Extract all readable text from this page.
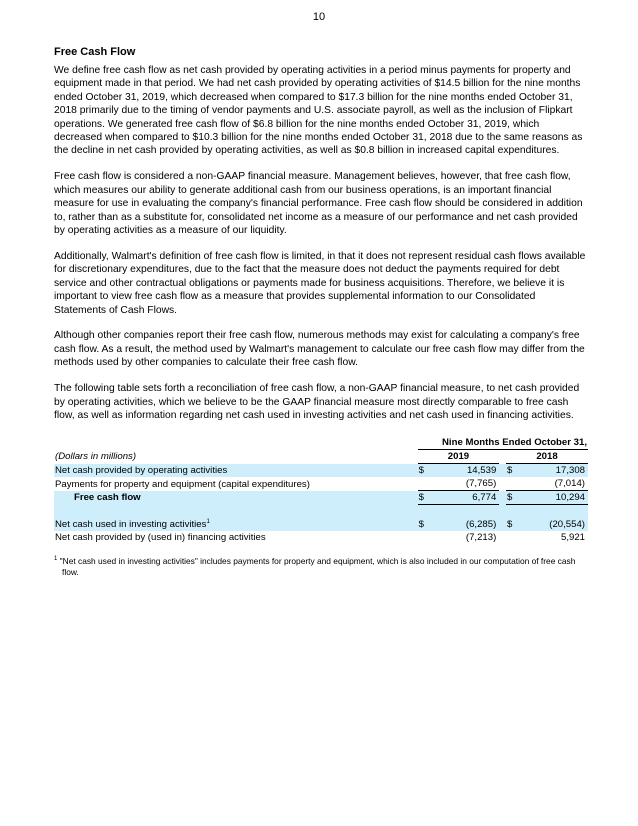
10
Free Cash Flow

We define free cash flow as net cash provided by operating activities in a period minus payments for property and equipment made in that period. We had net cash provided by operating activities of $14.5 billion for the nine months ended October 31, 2019, which decreased when compared to $17.3 billion for the nine months ended October 31, 2018 primarily due to the timing of vendor payments and U.S. associate payroll, as well as the inclusion of Flipkart operations. We generated free cash flow of $6.8 billion for the nine months ended October 31, 2019, which decreased when compared to $10.3 billion for the nine months ended October 31, 2018 due to the same reasons as the decline in net cash provided by operating activities, as well as $0.8 billion in increased capital expenditures.

Free cash flow is considered a non-GAAP financial measure. Management believes, however, that free cash flow, which measures our ability to generate additional cash from our business operations, is an important financial measure for use in evaluating the company's financial performance. Free cash flow should be considered in addition to, rather than as a substitute for, consolidated net income as a measure of our performance and net cash provided by operating activities as a measure of our liquidity.

Additionally, Walmart's definition of free cash flow is limited, in that it does not represent residual cash flows available for discretionary expenditures, due to the fact that the measure does not deduct the payments required for debt service and other contractual obligations or payments made for business acquisitions. Therefore, we believe it is important to view free cash flow as a measure that provides supplemental information to our Consolidated Statements of Cash Flows.

Although other companies report their free cash flow, numerous methods may exist for calculating a company's free cash flow. As a result, the method used by Walmart's management to calculate our free cash flow may differ from the methods used by other companies to calculate their free cash flow.

The following table sets forth a reconciliation of free cash flow, a non-GAAP financial measure, to net cash provided by operating activities, which we believe to be the GAAP financial measure most directly comparable to free cash flow, as well as information regarding net cash used in investing activities and net cash used in financing activities.

	Nine Months Ended October 31,				
(Dollars in millions)	2019			2018	
Net cash provided by operating activities	$	14,539		$	17,308
Payments for property and equipment (capital expenditures)		(7,765)			(7,014)
Free cash flow	$	6,774		$	10,294

Net cash used in investing activities$^1$	$	(6,285)		$	(20,554)
Net cash provided by (used in) financing activities		(7,213)			5,921
$^1$ "Net cash used in investing activities" includes payments for property and equipment, which is also included in our computation of free cash flow.
